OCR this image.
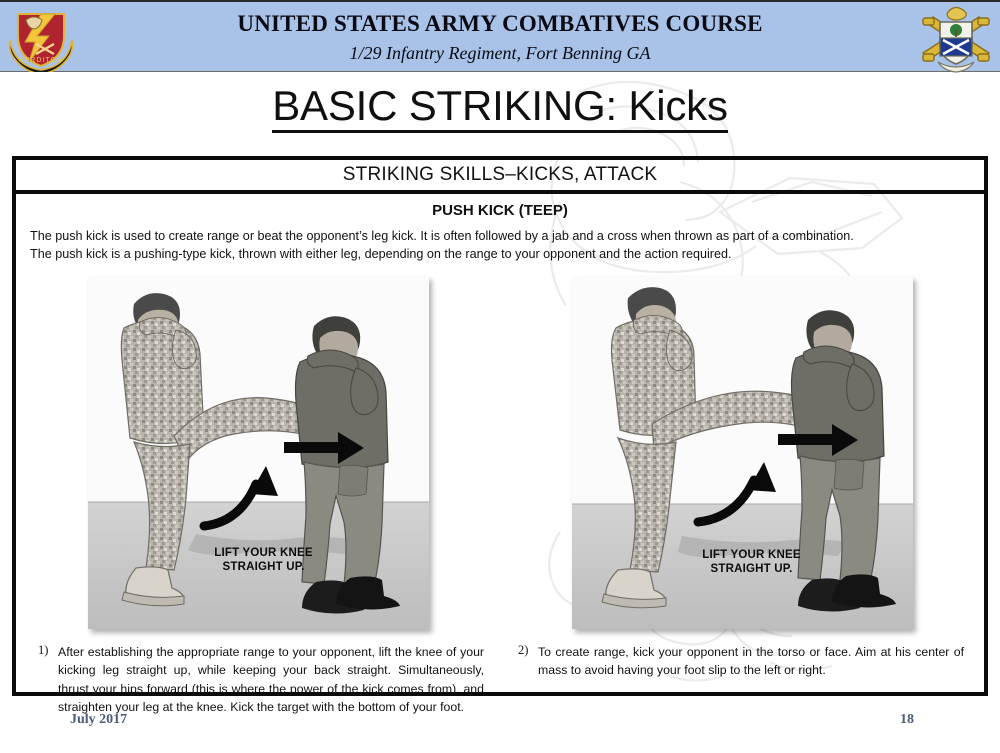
PERDITOR
UNITED STATES ARMY COMBATIVES COURSE
1/29 Infantry Regiment, Fort Benning GA
BASIC STRIKING: Kicks
STRIKING SKILLS–KICKS, ATTACK
PUSH KICK (TEEP)

The push kick is used to create range or beat the opponent’s leg kick. It is often followed by a jab and a cross when thrown as part of a combination.

The push kick is a pushing-type kick, thrown with either leg, depending on the range to your opponent and the action required.

LIFT YOUR KNEE
STRAIGHT UP.
LIFT YOUR KNEE
STRAIGHT UP.
1) After establishing the appropriate range to your opponent, lift the knee of your kicking leg straight up, while keeping your back straight. Simultaneously, thrust your hips forward (this is where the power of the kick comes from), and straighten your leg at the knee. Kick the target with the bottom of your foot.
2) To create range, kick your opponent in the torso or face. Aim at his center of mass to avoid having your foot slip to the left or right.
July 2017	18
